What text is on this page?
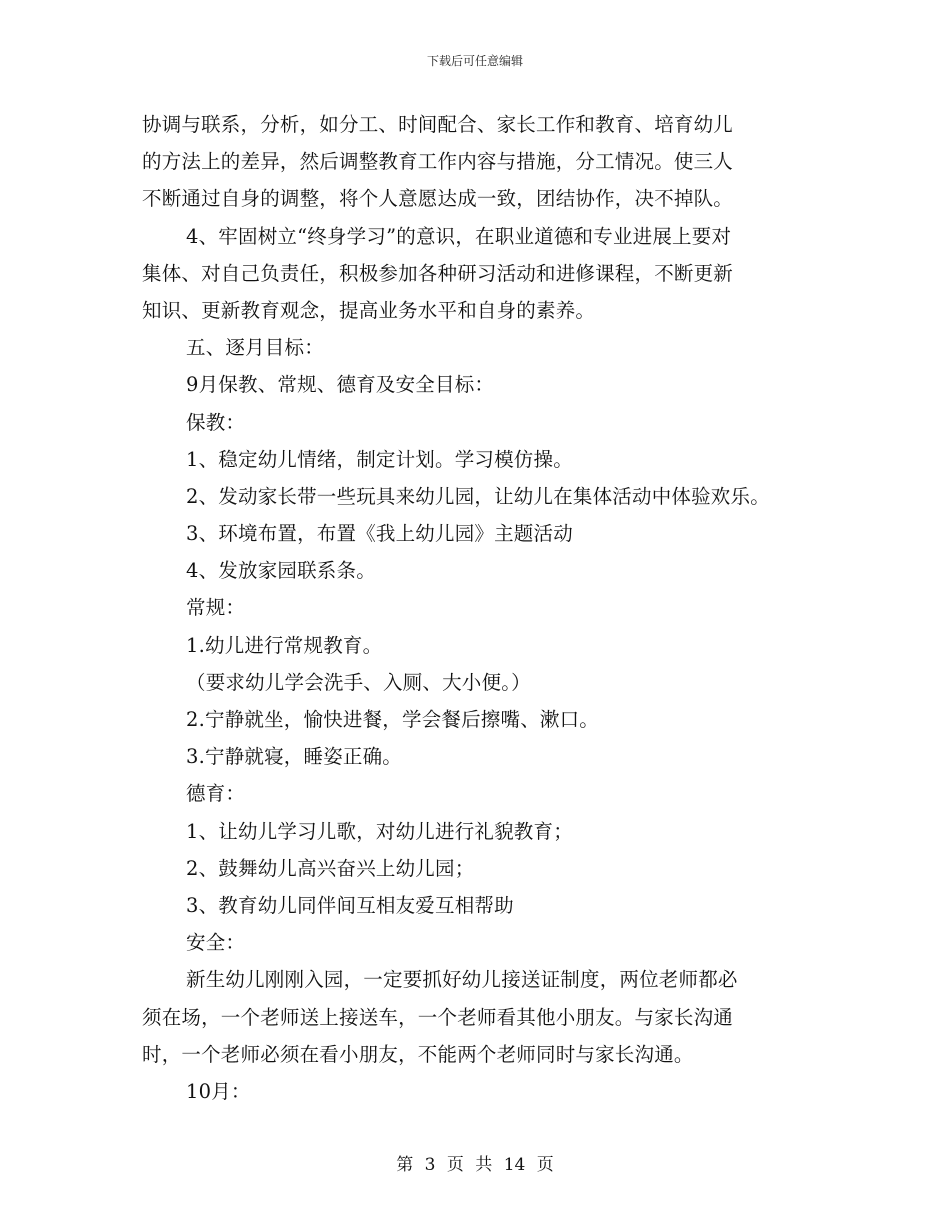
下载后可任意编辑
协调与联系，分析，如分工、时间配合、家长工作和教育、培育幼儿
的方法上的差异，然后调整教育工作内容与措施，分工情况。使三人
不断通过自身的调整，将个人意愿达成一致，团结协作，决不掉队。
4、牢固树立“终身学习”的意识，在职业道德和专业进展上要对
集体、对自己负责任，积极参加各种研习活动和进修课程，不断更新
知识、更新教育观念，提高业务水平和自身的素养。
五、逐月目标：
9月保教、常规、德育及安全目标：
保教：
1、稳定幼儿情绪，制定计划。学习模仿操。
2、发动家长带一些玩具来幼儿园，让幼儿在集体活动中体验欢乐。
3、环境布置，布置《我上幼儿园》主题活动
4、发放家园联系条。
常规：
1.幼儿进行常规教育。
（要求幼儿学会洗手、入厕、大小便。）
2.宁静就坐，愉快进餐，学会餐后擦嘴、漱口。
3.宁静就寝，睡姿正确。
德育：
1、让幼儿学习儿歌，对幼儿进行礼貌教育；
2、鼓舞幼儿高兴奋兴上幼儿园；
3、教育幼儿同伴间互相友爱互相帮助
安全：
新生幼儿刚刚入园，一定要抓好幼儿接送证制度，两位老师都必
须在场，一个老师送上接送车，一个老师看其他小朋友。与家长沟通
时，一个老师必须在看小朋友，不能两个老师同时与家长沟通。
10月：
第 3 页 共 14 页
